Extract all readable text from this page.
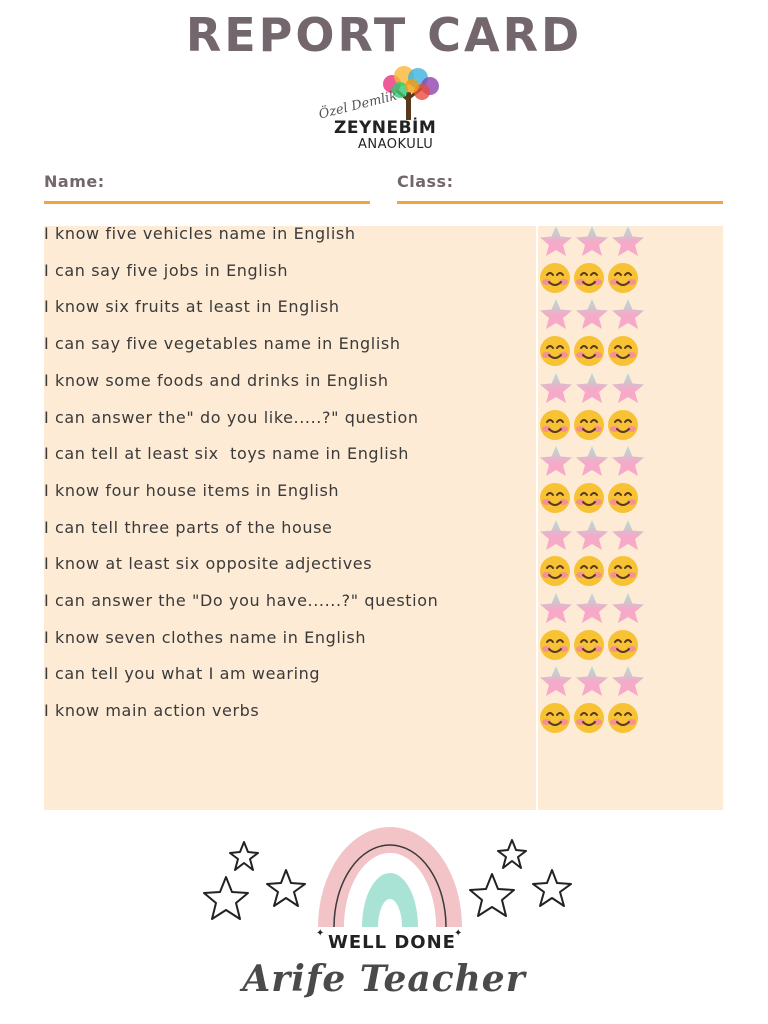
REPORT CARD
Özel Demlik
ZEYNEBİM
ANAOKULU
Name:	Class:
I know five vehicles name in English
I can say five jobs in English
I know six fruits at least in English
I can say five vegetables name in English
I know some foods and drinks in English
I can answer the" do you like.....?" question
I can tell at least six  toys name in English
I know four house items in English
I can tell three parts of the house
I know at least six opposite adjectives
I can answer the "Do you have......?" question
I know seven clothes name in English
I can tell you what I am wearing
I know main action verbs
✦	✦
WELL DONE
Arife Teacher
